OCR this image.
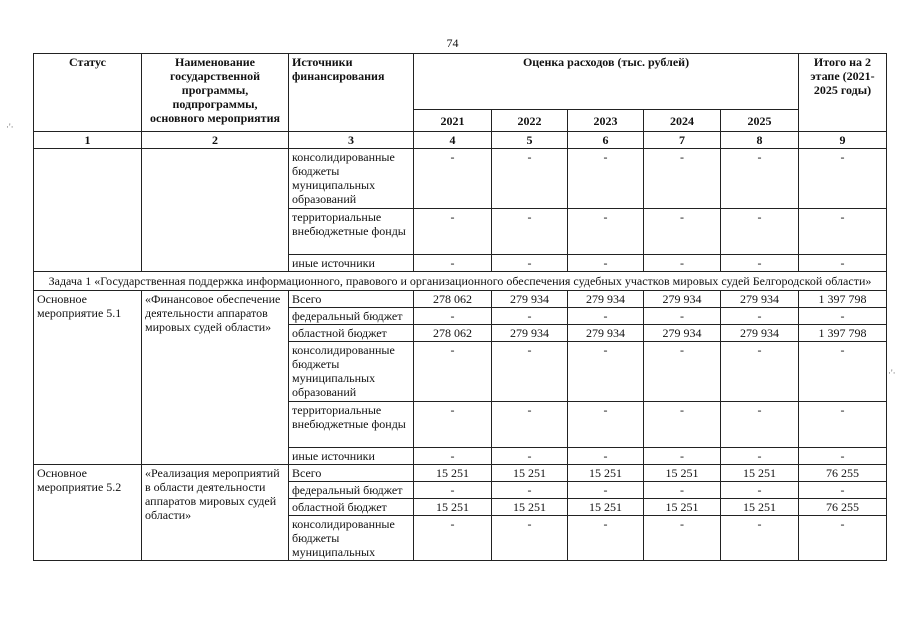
74
·'·
·'·
Статус	Наименование государственной программы, подпрограммы, основного мероприятия	Источники финансирования	Оценка расходов (тыс. рублей)					Итого на 2 этапе (2021-2025 годы)
			2021	2022	2023	2024	2025	
1	2	3	4	5	6	7	8	9
		консолидированные бюджеты муниципальных образований	-	-	-	-	-	-
		территориальные внебюджетные фонды	-	-	-	-	-	-
		иные источники	-	-	-	-	-	-
Задача 1 «Государственная поддержка информационного, правового и организационного обеспечения судебных участков мировых судей Белгородской области»								
Основное мероприятие 5.1	«Финансовое обеспечение деятельности аппаратов мировых судей области»	Всего	278 062	279 934	279 934	279 934	279 934	1 397 798
		федеральный бюджет	-	-	-	-	-	-
		областной бюджет	278 062	279 934	279 934	279 934	279 934	1 397 798
		консолидированные бюджеты муниципальных образований	-	-	-	-	-	-
		территориальные внебюджетные фонды	-	-	-	-	-	-
		иные источники	-	-	-	-	-	-
Основное мероприятие 5.2	«Реализация мероприятий в области деятельности аппаратов мировых судей области»	Всего	15 251	15 251	15 251	15 251	15 251	76 255
		федеральный бюджет	-	-	-	-	-	-
		областной бюджет	15 251	15 251	15 251	15 251	15 251	76 255
		консолидированные бюджеты муниципальных	-	-	-	-	-	-
